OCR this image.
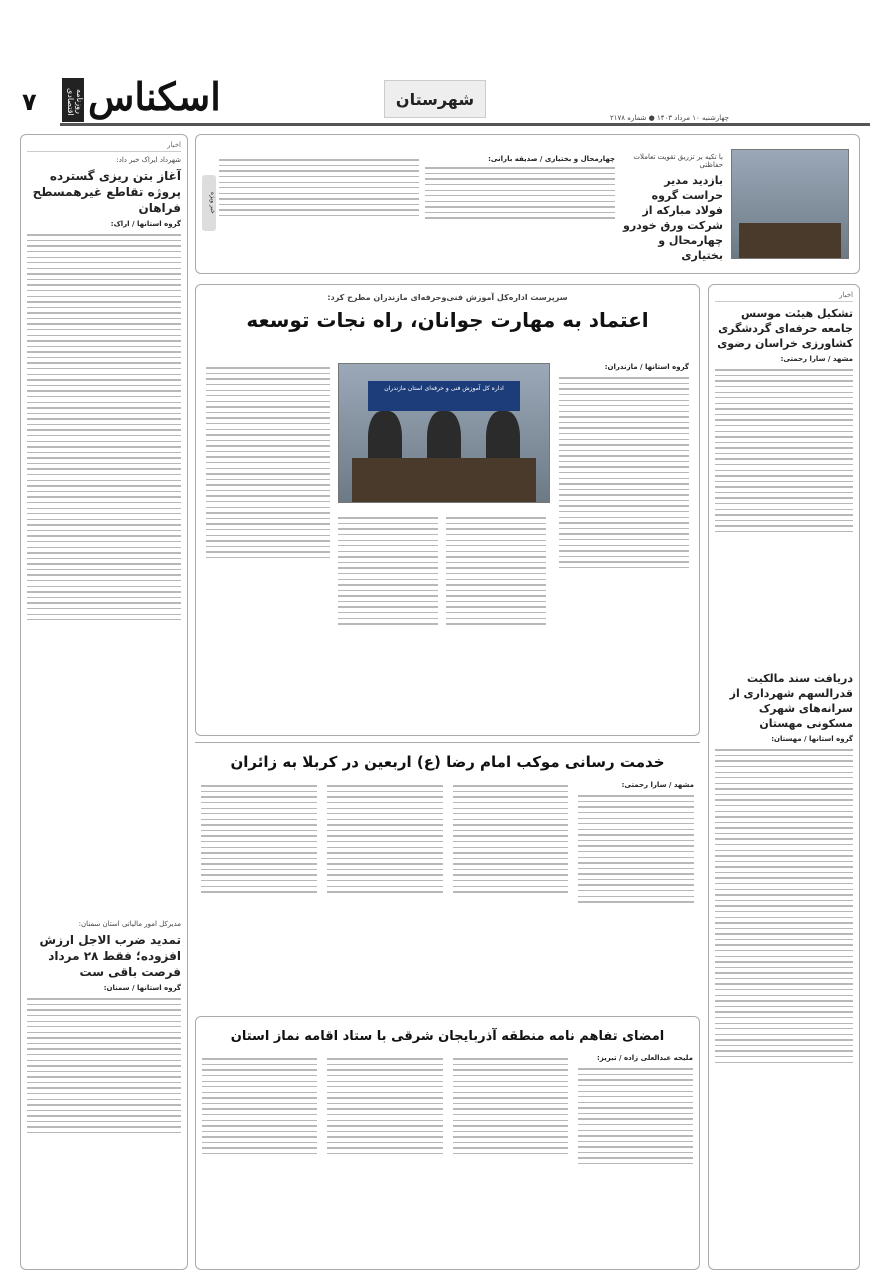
اسکناس
روزنامه اقتصادی
۷	شهرستان
چهارشنبه ۱۰ مرداد ۱۴۰۳ ● شماره ۲۱۷۸
با تکیه بر تزریق تقویت تعاملات حفاظتی
بازدید مدیر حراست گروه فولاد مبارکه از شرکت ورق خودرو چهارمحال و بختیاری
چهارمحال و بختیاری / صدیقه بارانی:
خبر ویژه
اخبار
شهرداد ایراک خبر داد:
آغاز بتن ریزی گسترده پروژه تقاطع غیرهمسطح فراهان
گروه استانها / اراک:
مدیرکل امور مالیاتی استان سمنان:
تمدید ضرب الاجل ارزش افزوده؛ فقط ۲۸ مرداد فرصت باقی ست
گروه استانها / سمنان:
اخبار
تشکیل هیئت موسس جامعه حرفه‌ای گردشگری کشاورزی خراسان رضوی
مشهد / سارا رحمتی:
دریافت سند مالکیت قدرالسهم شهرداری از سرانه‌های شهرک مسکونی مهستان
گروه استانها / مهستان:
سرپرست اداره‌کل آموزش فنی‌وحرفه‌ای مازندران مطرح کرد:
اعتماد به مهارت جوانان، راه نجات توسعه
اداره کل آموزش فنی و حرفه‌ای استان مازندران
گروه استانها / مازندران:
خدمت رسانی موکب امام رضا (ع) اربعین در کربلا به زائران
مشهد / سارا رحمتی:
امضای تفاهم نامه منطقه آذربایجان شرقی با ستاد اقامه نماز استان
ملیحه عبدالعلی زاده / تبریز:
